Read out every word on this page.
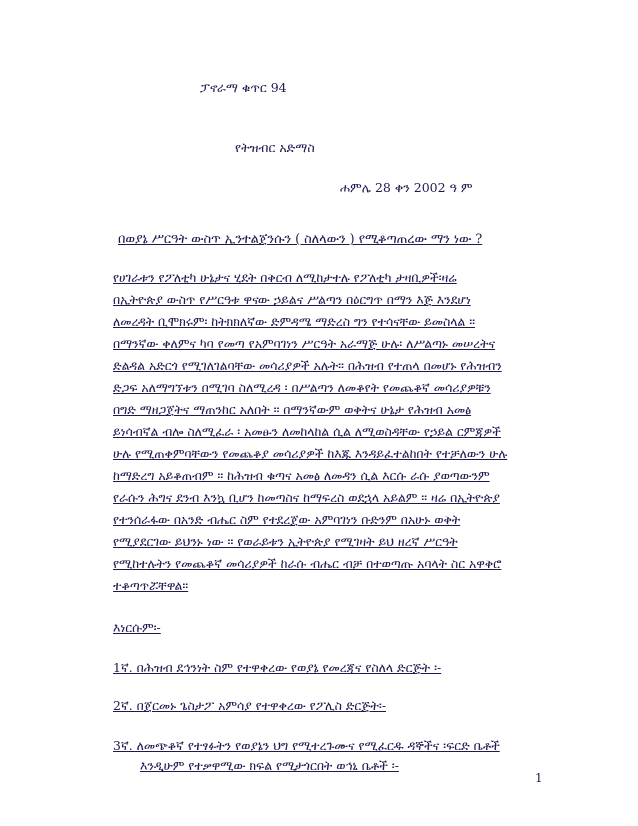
ፓኖራማ ቁጥር 94
የትዝብር አድማስ
ሐምሌ 28 ቀን 2002 ዓ ም
በወያኔ ሥርዓት ውስጥ ኢንተልጀንሱን ( ስለላውን ) የሚቆጣጠረው ማን ነው ?
የሀገራቱን የፖለቲካ ሁኔታና ሂደት በቅርብ ለሚከታተሉ የፖለቲካ ታዛቢዎች፡ዛሬ
በኢትዮጵያ ውስጥ የሥርዓቱ ዋናው ኃይልና ሥልጣን በዕርግጥ በማን እጅ እንደሆነ
ለመረዳት ቢሞክሩም፡ ከትክክለኛው ድምዳሜ ማድረስ ግን የተሳናቸው ይመስላል ።
በማንኛው ቀለምና ካባ የመጣ የአምባገነን ሥርዓት አራማጅ ሁሉ፡ ለሥልጣኑ መሠረትና
ድልዳል አድርጎ የሚገለገልባቸው መሳሪያዎች አሉት። በሕዝብ የተጠላ በመሆኑ የሕዝብን
ድጋፍ አለማግኘቱን በሚገባ ስለሚረዳ ፡ በሥልጣን ለመቆየት የመጨቆኛ መሳሪያዎቹን
በግድ ማዘጋጀትና ማጠንከር አለበት ። በማንኛውም ወቅትና ሁኔታ የሕዝብ አመፅ
ይነሳብኛል ብሎ ስለሚፈራ ፡ አመፁን ለመከላከል ሲል ለሚወስዳቸው የኃይል ርምጃዎች
ሁሉ የሚጠቀምባቸውን የመጨቆያ መሳሪያዎች ከእጁ እንዳይፈተልከበት የተቻለውን ሁሉ
ከማድረግ አይቆጠብም ። ከሕዝብ ቁጣና አመፅ ለመዳን ሲል እርሱ ራሱ ያወጣውንም
የራሱን ሕግና ደንብ እንኳ ቢሆን ከመጣስና ከማፍረስ ወደኋላ አይልም ። ዛሬ በኢትዮጵያ
የተንሰራፋው በአንድ ብሔር ስም የተደረጀው አምባገነን ቡድንም በአሁኑ ወቅት
የሚያደርገው ይህንኑ ነው ። የወራይቱን ኢትዮጵያ የሚገዛት ይህ ዘረኛ ሥርዓት
የሚከተሉትን የመጨቆኛ መሳሪያዎች ከራሱ ብሔር ብቻ በተወጣጡ አባላት ስር አዋቅሮ
ተቆጣጥሯቸዋል።
እነርሱም፡-
1ኛ. በሕዝብ ደኅንነት ስም የተዋቀረው የወያኔ የመረጃና የስለላ ድርጅት ፡-
2ኛ. በጀርመኑ ጌስታፖ አምሳያ የተዋቀረው የፖሊስ ድርጅት፡-
3ኛ. ለመጭቆኛ የተፃፉትን የወያኔን ህግ የሚተረጉሙና የሚፈርዱ ዳኞችና ፡ፍርድ ቤቶች
እንዲሁም የተቃዋሚው ክፍል የሚታጎርበት ወኅኒ ቤቶች ፡-
1
